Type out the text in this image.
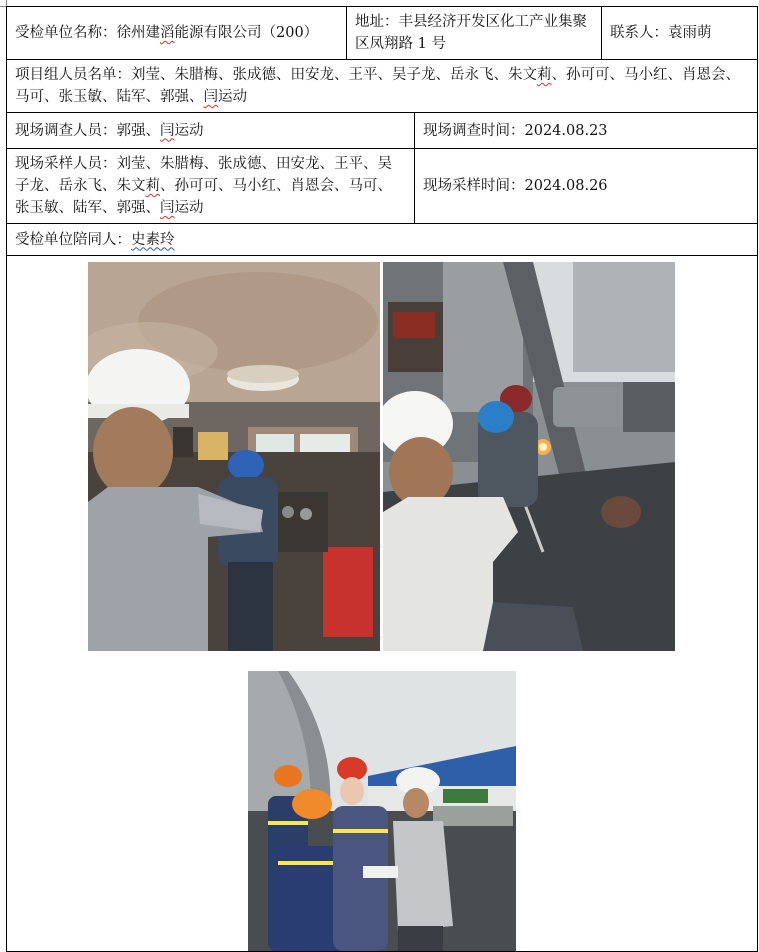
受检单位名称：徐州建滔能源有限公司（200）	地址：丰县经济开发区化工产业集聚区凤翔路 1 号		联系人：袁雨萌
项目组人员名单：刘莹、朱腊梅、张成德、田安龙、王平、吴子龙、岳永飞、朱文莉、孙可可、马小红、肖恩会、马可、张玉敏、陆军、郭强、闫运动			
现场调查人员：郭强、闫运动		现场调查时间：2024.08.23	
现场采样人员：刘莹、朱腊梅、张成德、田安龙、王平、吴子龙、岳永飞、朱文莉、孙可可、马小红、肖恩会、马可、张玉敏、陆军、郭强、闫运动		现场采样时间：2024.08.26	
受检单位陪同人：史素玲			
